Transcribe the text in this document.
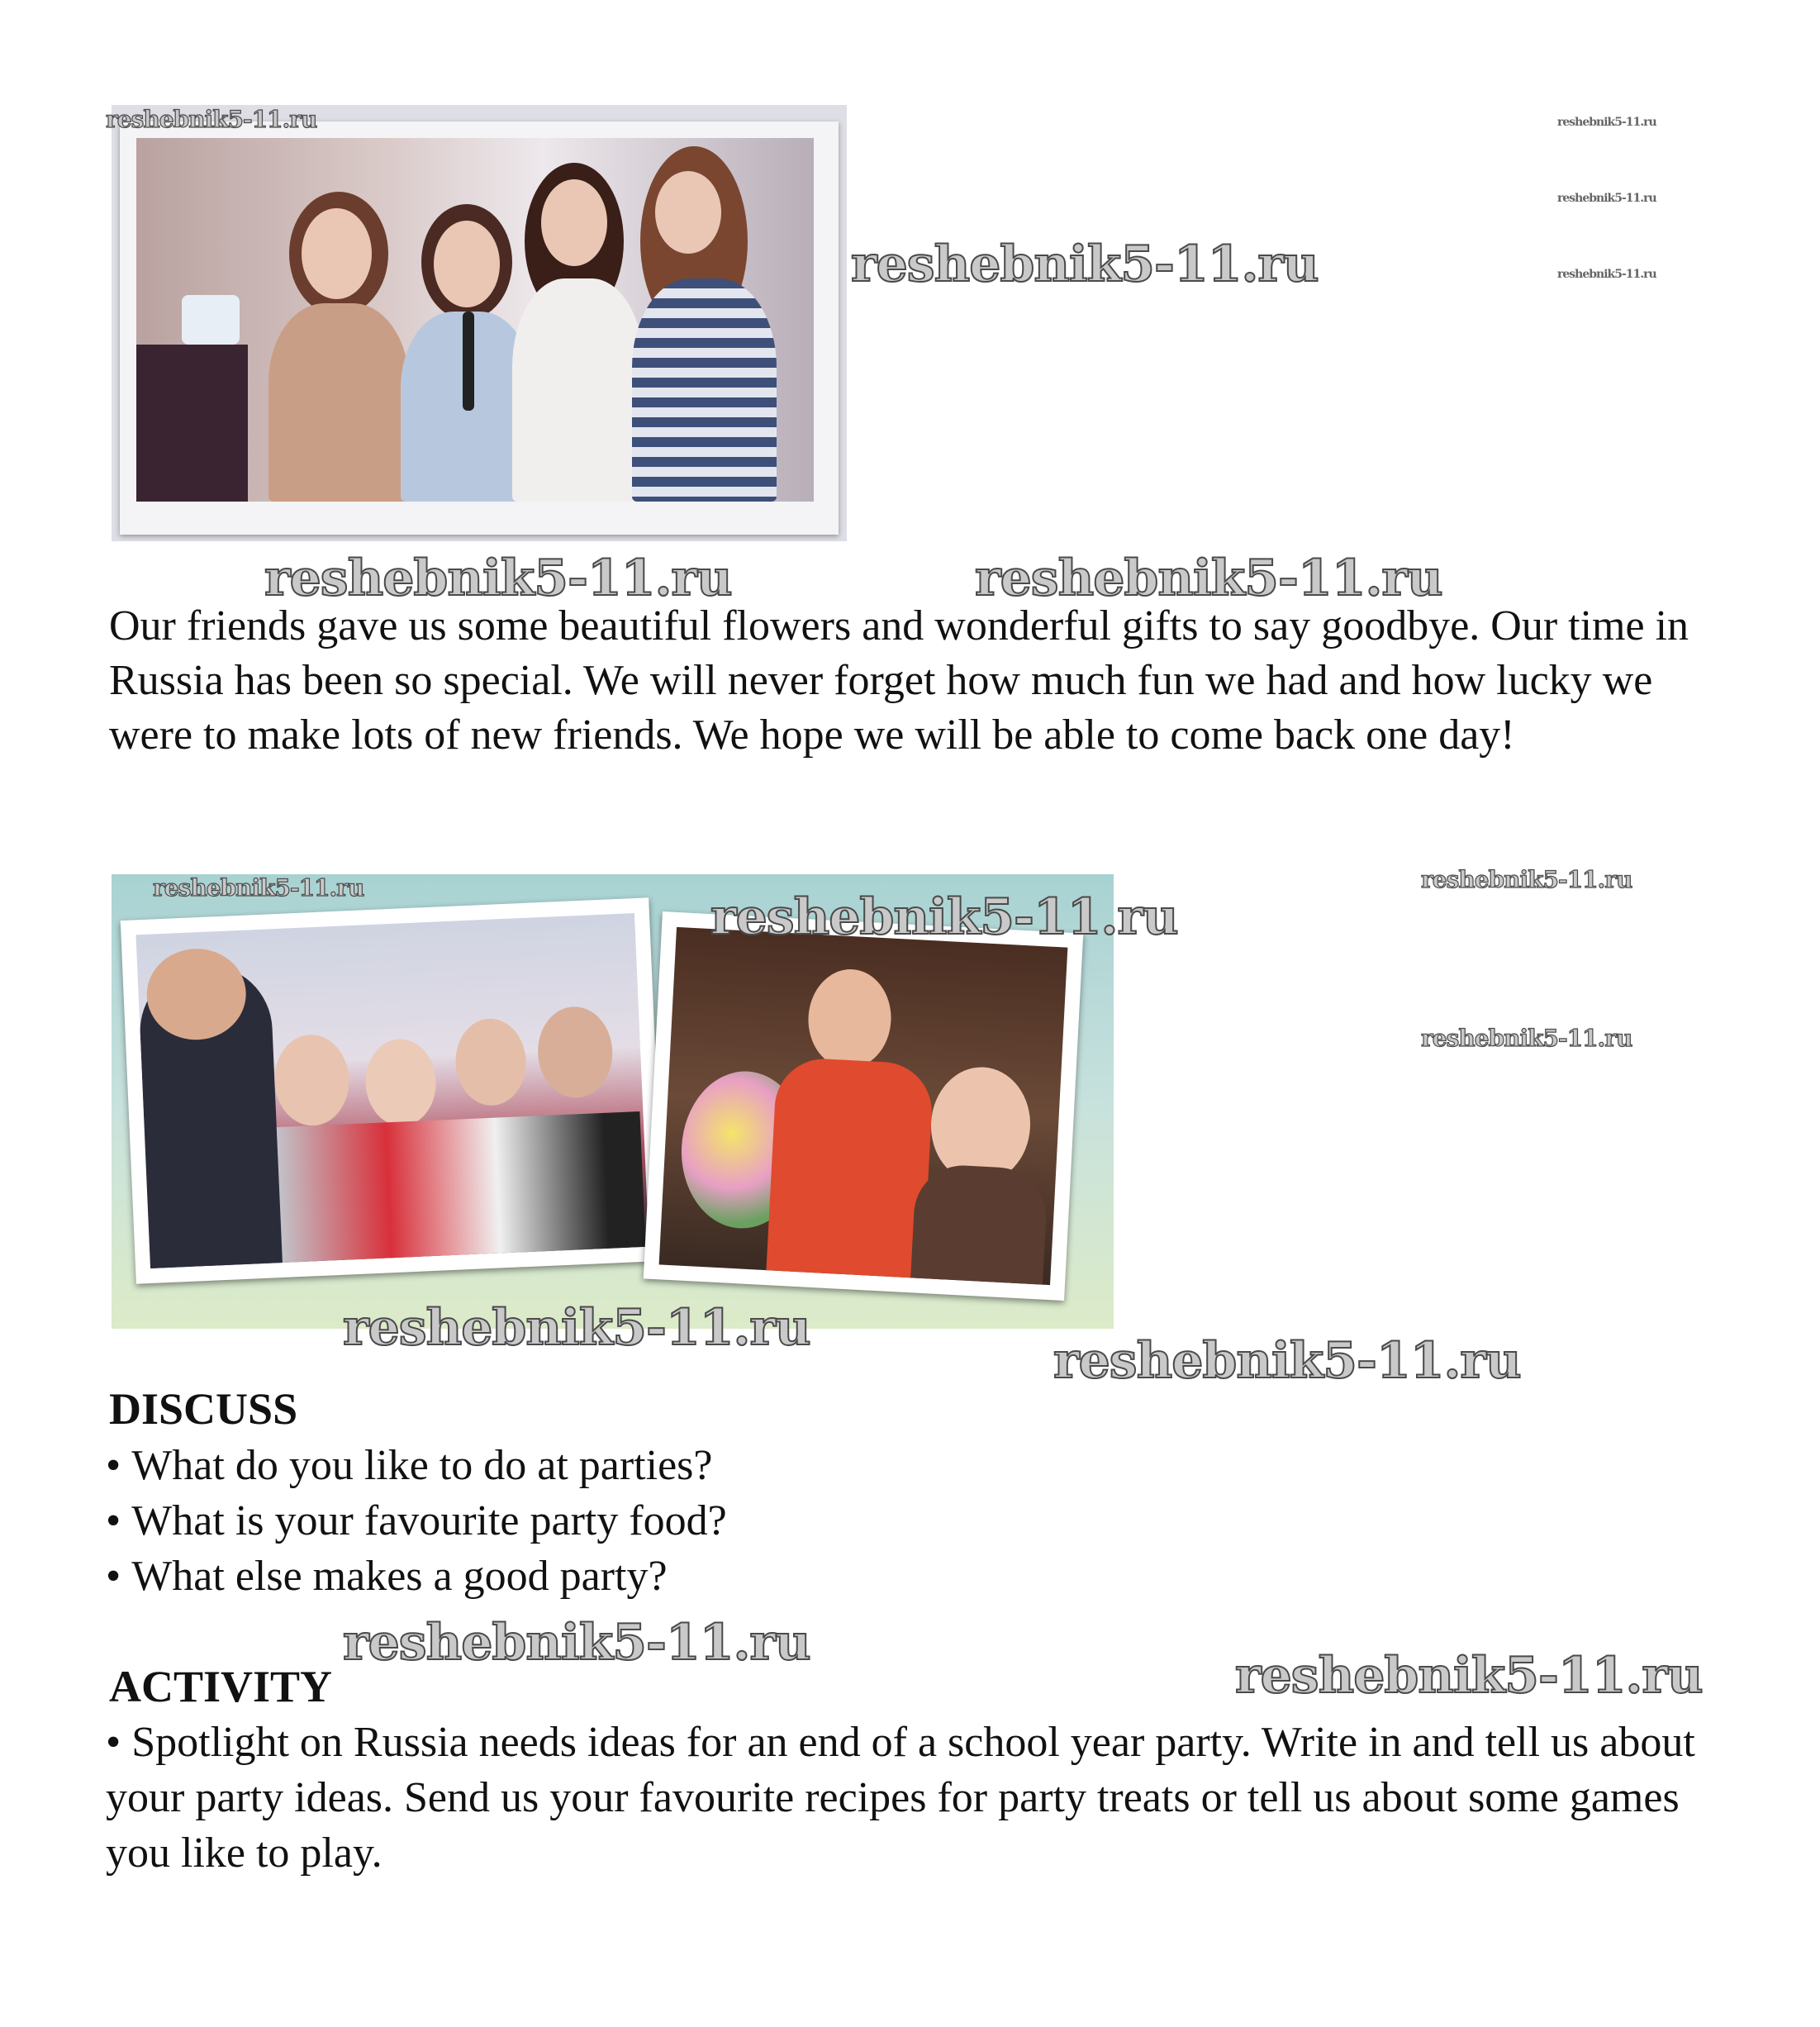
Our friends gave us some beautiful flowers and wonderful gifts to say goodbye. Our time in Russia has been so special. We will never forget how much fun we had and how lucky we were to make lots of new friends. We hope we will be able to come back one day!
DISCUSS
• What do you like to do at parties?
• What is your favourite party food?
• What else makes a good party?
ACTIVITY
• Spotlight on Russia needs ideas for an end of a school year party. Write in and tell us about your party ideas. Send us your favourite recipes for party treats or tell us about some games you like to play.
reshebnik5-11.ru	reshebnik5-11.ru
reshebnik5-11.ru
reshebnik5-11.ru
reshebnik5-11.ru
reshebnik5-11.ru	reshebnik5-11.ru
reshebnik5-11.ru
reshebnik5-11.ru
reshebnik5-11.ru
reshebnik5-11.ru
reshebnik5-11.ru
reshebnik5-11.ru
reshebnik5-11.ru
reshebnik5-11.ru
